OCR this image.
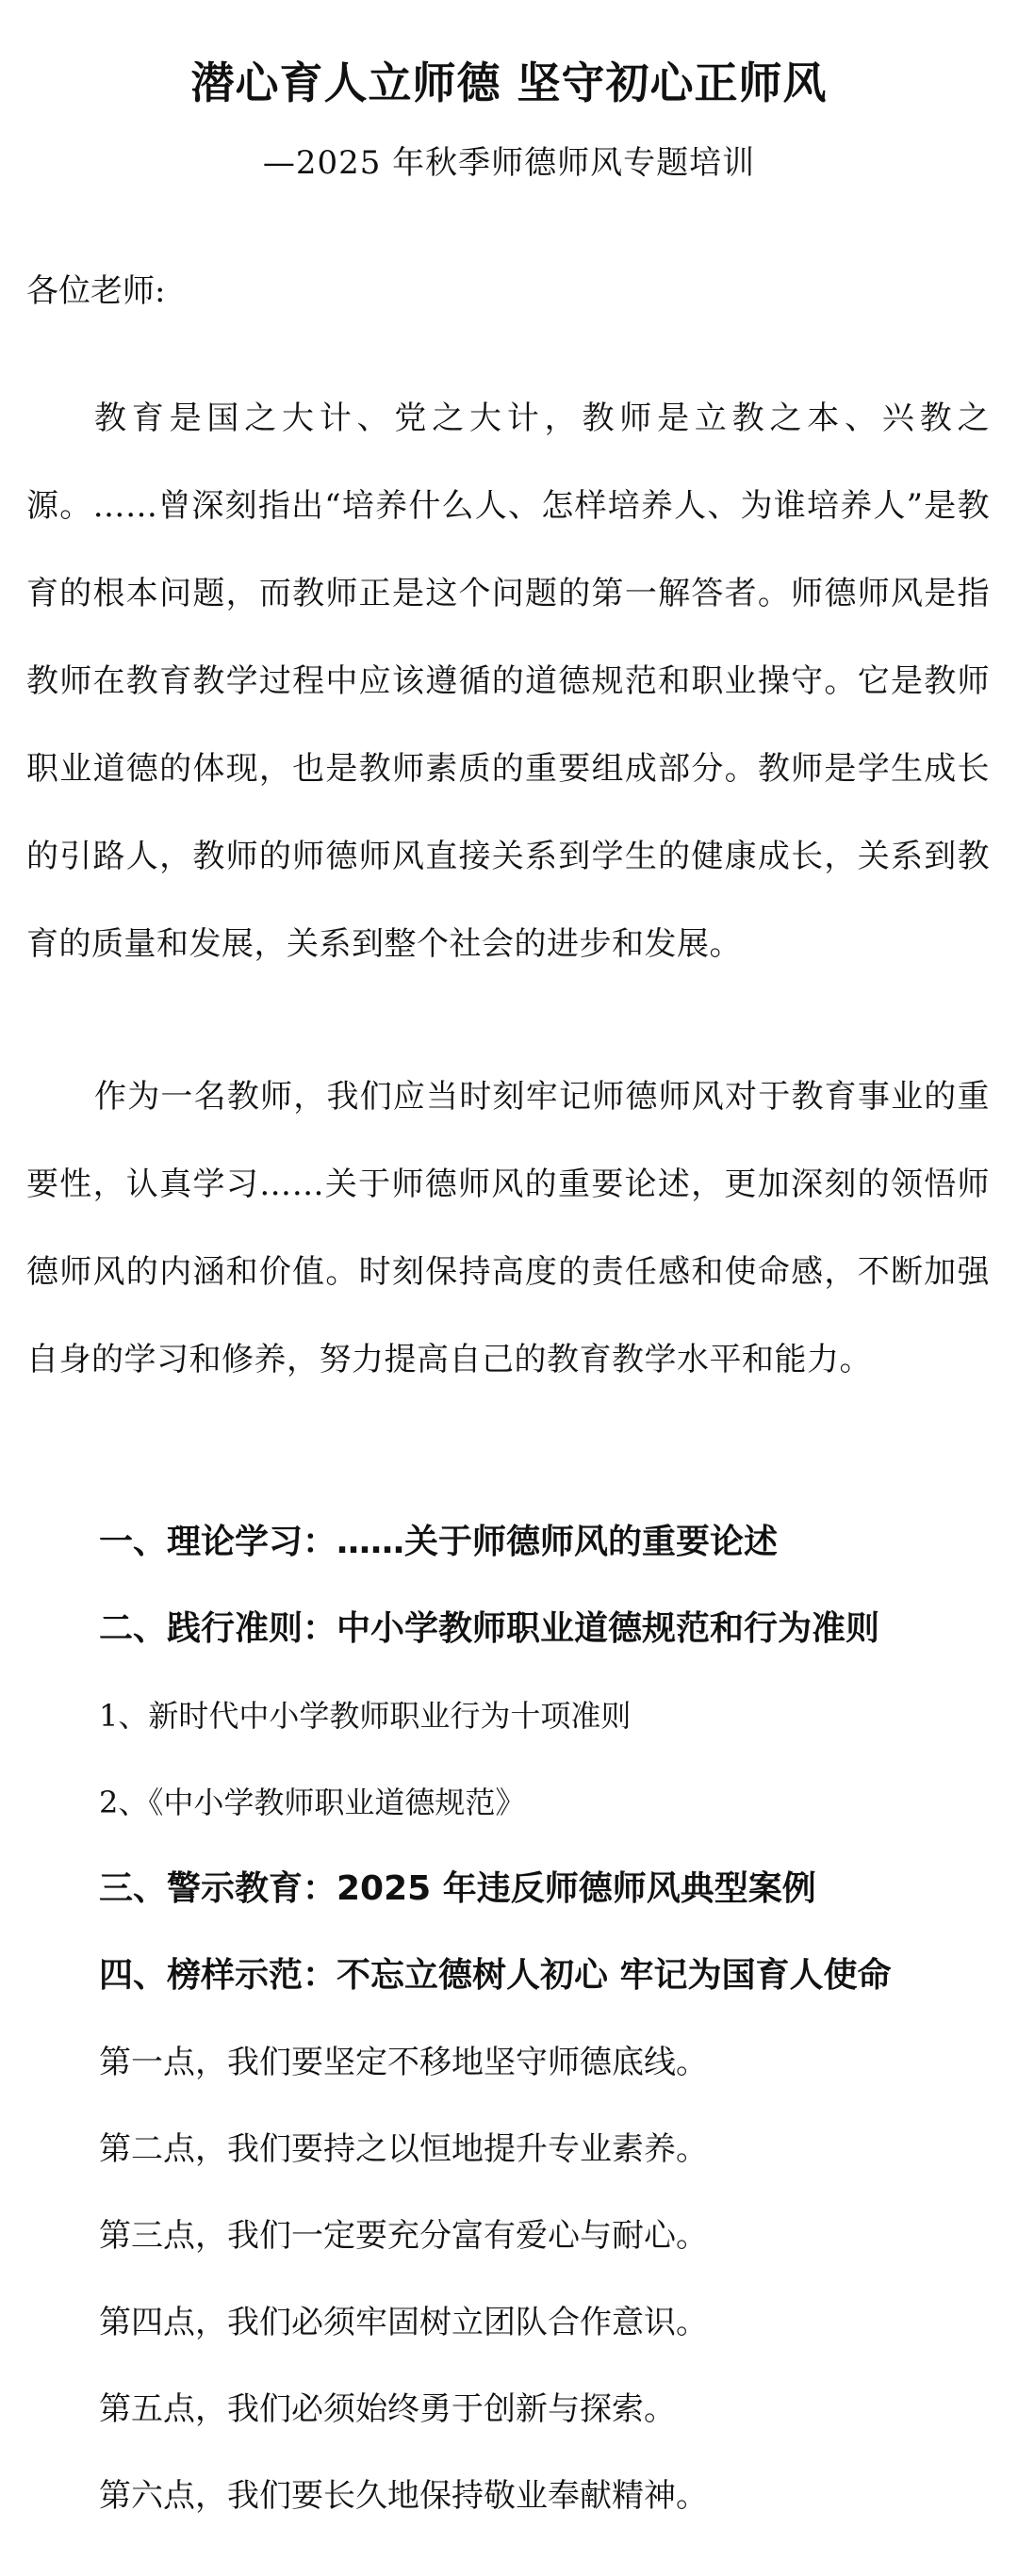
潜心育人立师德 坚守初心正师风
—2025 年秋季师德师风专题培训
各位老师:
教育是国之大计、党之大计，教师是立教之本、兴教之源。……曾深刻指出“培养什么人、怎样培养人、为谁培养人”是教育的根本问题，而教师正是这个问题的第一解答者。师德师风是指教师在教育教学过程中应该遵循的道德规范和职业操守。它是教师职业道德的体现，也是教师素质的重要组成部分。教师是学生成长的引路人，教师的师德师风直接关系到学生的健康成长，关系到教育的质量和发展，关系到整个社会的进步和发展。
作为一名教师，我们应当时刻牢记师德师风对于教育事业的重要性，认真学习……关于师德师风的重要论述，更加深刻的领悟师德师风的内涵和价值。时刻保持高度的责任感和使命感，不断加强自身的学习和修养，努力提高自己的教育教学水平和能力。
一、理论学习：……关于师德师风的重要论述
二、践行准则：中小学教师职业道德规范和行为准则
1、新时代中小学教师职业行为十项准则
2、《中小学教师职业道德规范》
三、警示教育：2025 年违反师德师风典型案例
四、榜样示范：不忘立德树人初心 牢记为国育人使命
第一点，我们要坚定不移地坚守师德底线。
第二点，我们要持之以恒地提升专业素养。
第三点，我们一定要充分富有爱心与耐心。
第四点，我们必须牢固树立团队合作意识。
第五点，我们必须始终勇于创新与探索。
第六点，我们要长久地保持敬业奉献精神。
